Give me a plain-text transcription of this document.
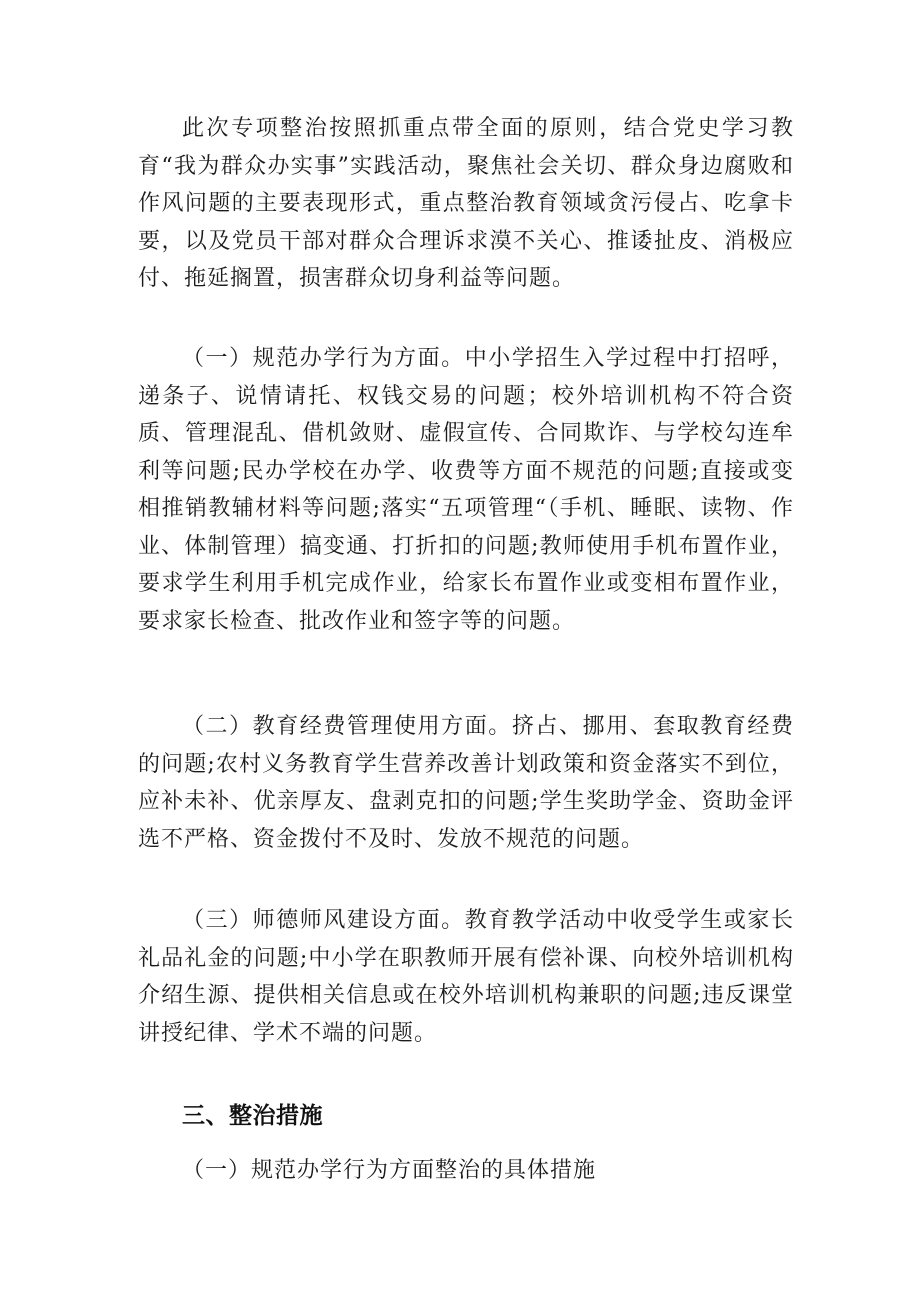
此次专项整治按照抓重点带全面的原则，结合党史学习教育“我为群众办实事”实践活动，聚焦社会关切、群众身边腐败和作风问题的主要表现形式，重点整治教育领域贪污侵占、吃拿卡要，以及党员干部对群众合理诉求漠不关心、推诿扯皮、消极应付、拖延搁置，损害群众切身利益等问题。

（一）规范办学行为方面。中小学招生入学过程中打招呼，递条子、说情请托、权钱交易的问题；校外培训机构不符合资质、管理混乱、借机敛财、虚假宣传、合同欺诈、与学校勾连牟利等问题;民办学校在办学、收费等方面不规范的问题;直接或变相推销教辅材料等问题;落实“五项管理“（手机、睡眠、读物、作业、体制管理）搞变通、打折扣的问题;教师使用手机布置作业，要求学生利用手机完成作业，给家长布置作业或变相布置作业，要求家长检查、批改作业和签字等的问题。

（二）教育经费管理使用方面。挤占、挪用、套取教育经费的问题;农村义务教育学生营养改善计划政策和资金落实不到位，应补未补、优亲厚友、盘剥克扣的问题;学生奖助学金、资助金评选不严格、资金拨付不及时、发放不规范的问题。

（三）师德师风建设方面。教育教学活动中收受学生或家长礼品礼金的问题;中小学在职教师开展有偿补课、向校外培训机构介绍生源、提供相关信息或在校外培训机构兼职的问题;违反课堂讲授纪律、学术不端的问题。

三、整治措施

（一）规范办学行为方面整治的具体措施
